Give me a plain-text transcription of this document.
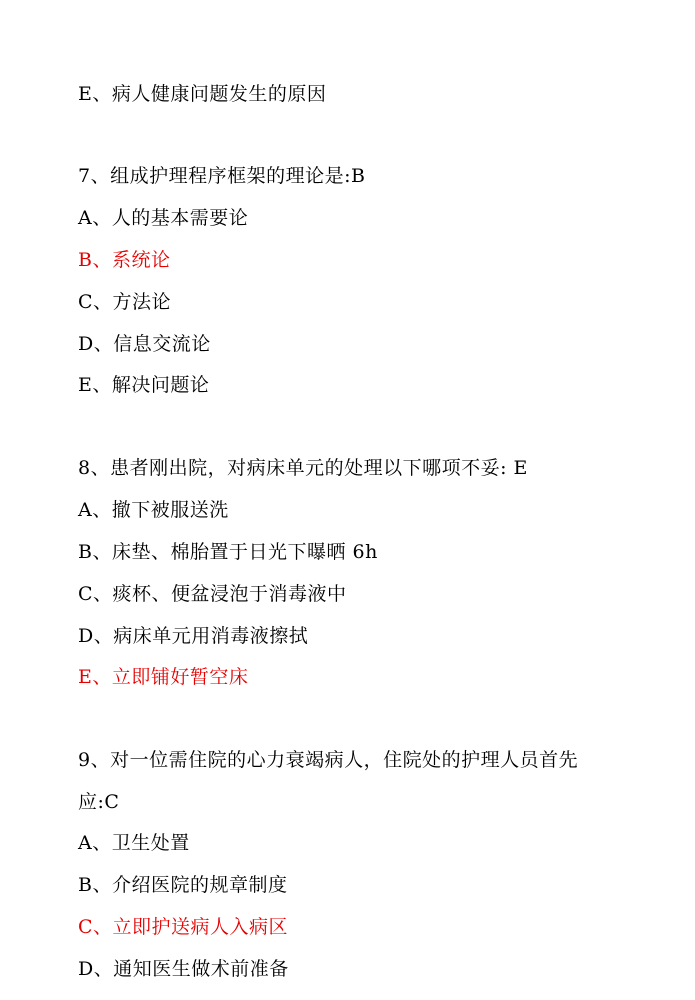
E、病人健康问题发生的原因
7、组成护理程序框架的理论是:B
A、人的基本需要论
B、系统论
C、方法论
D、信息交流论
E、解决问题论
8、患者刚出院，对病床单元的处理以下哪项不妥: E
A、撤下被服送洗
B、床垫、棉胎置于日光下曝晒 6h
C、痰杯、便盆浸泡于消毒液中
D、病床单元用消毒液擦拭
E、立即铺好暂空床
9、对一位需住院的心力衰竭病人，住院处的护理人员首先
应:C
A、卫生处置
B、介绍医院的规章制度
C、立即护送病人入病区
D、通知医生做术前准备
